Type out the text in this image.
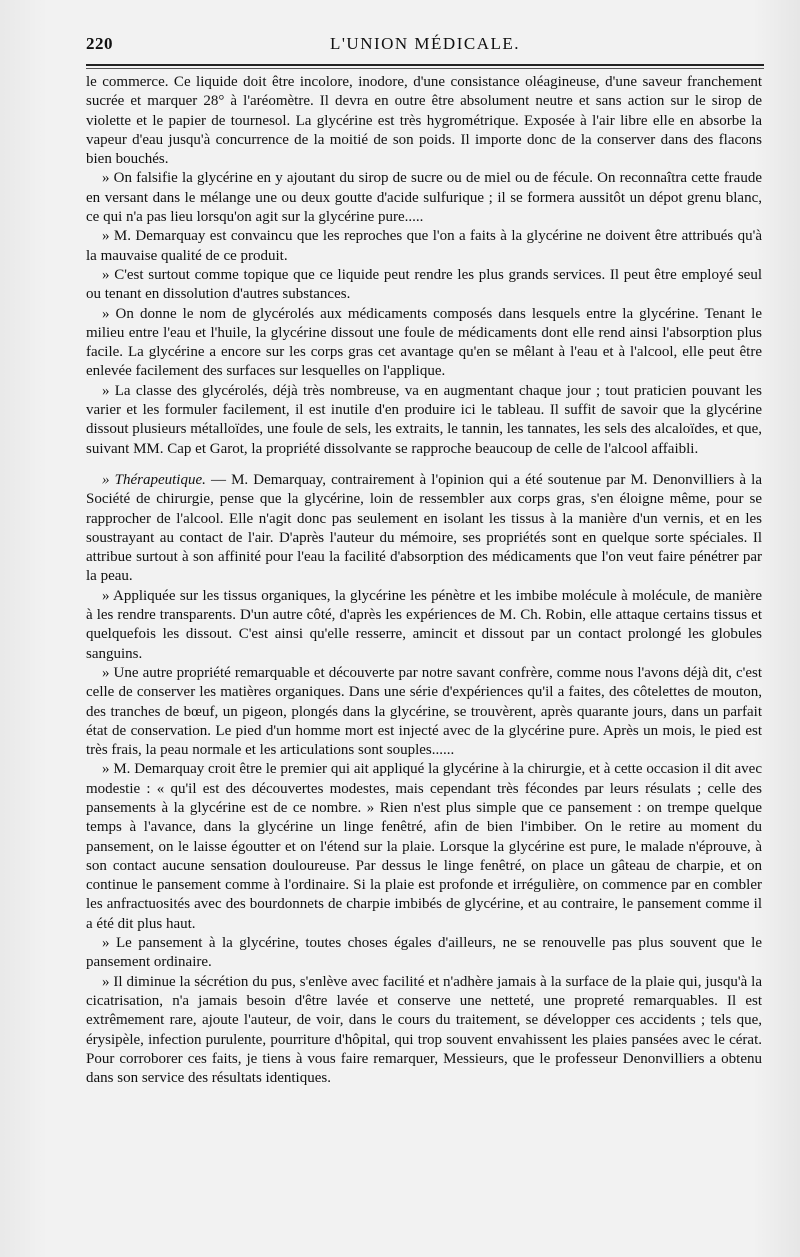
220	L'UNION MÉDICALE.

le commerce. Ce liquide doit être incolore, inodore, d'une consistance oléagineuse, d'une saveur franchement sucrée et marquer 28° à l'aréomètre. Il devra en outre être absolument neutre et sans action sur le sirop de violette et le papier de tournesol. La glycérine est très hygrométrique. Exposée à l'air libre elle en absorbe la vapeur d'eau jusqu'à concurrence de la moitié de son poids. Il importe donc de la conserver dans des flacons bien bouchés.

» On falsifie la glycérine en y ajoutant du sirop de sucre ou de miel ou de fécule. On reconnaîtra cette fraude en versant dans le mélange une ou deux goutte d'acide sulfurique ; il se formera aussitôt un dépot grenu blanc, ce qui n'a pas lieu lorsqu'on agit sur la glycérine pure.....

» M. Demarquay est convaincu que les reproches que l'on a faits à la glycérine ne doivent être attribués qu'à la mauvaise qualité de ce produit.

» C'est surtout comme topique que ce liquide peut rendre les plus grands services. Il peut être employé seul ou tenant en dissolution d'autres substances.

» On donne le nom de glycérolés aux médicaments composés dans lesquels entre la glycérine. Tenant le milieu entre l'eau et l'huile, la glycérine dissout une foule de médicaments dont elle rend ainsi l'absorption plus facile. La glycérine a encore sur les corps gras cet avantage qu'en se mêlant à l'eau et à l'alcool, elle peut être enlevée facilement des surfaces sur lesquelles on l'applique.

» La classe des glycérolés, déjà très nombreuse, va en augmentant chaque jour ; tout praticien pouvant les varier et les formuler facilement, il est inutile d'en produire ici le tableau. Il suffit de savoir que la glycérine dissout plusieurs métalloïdes, une foule de sels, les extraits, le tannin, les tannates, les sels des alcaloïdes, et que, suivant MM. Cap et Garot, la propriété dissolvante se rapproche beaucoup de celle de l'alcool affaibli.

» Thérapeutique. — M. Demarquay, contrairement à l'opinion qui a été soutenue par M. Denonvilliers à la Société de chirurgie, pense que la glycérine, loin de ressembler aux corps gras, s'en éloigne même, pour se rapprocher de l'alcool. Elle n'agit donc pas seulement en isolant les tissus à la manière d'un vernis, et en les soustrayant au contact de l'air. D'après l'auteur du mémoire, ses propriétés sont en quelque sorte spéciales. Il attribue surtout à son affinité pour l'eau la facilité d'absorption des médicaments que l'on veut faire pénétrer par la peau.

» Appliquée sur les tissus organiques, la glycérine les pénètre et les imbibe molécule à molécule, de manière à les rendre transparents. D'un autre côté, d'après les expériences de M. Ch. Robin, elle attaque certains tissus et quelquefois les dissout. C'est ainsi qu'elle resserre, amincit et dissout par un contact prolongé les globules sanguins.

» Une autre propriété remarquable et découverte par notre savant confrère, comme nous l'avons déjà dit, c'est celle de conserver les matières organiques. Dans une série d'expériences qu'il a faites, des côtelettes de mouton, des tranches de bœuf, un pigeon, plongés dans la glycérine, se trouvèrent, après quarante jours, dans un parfait état de conservation. Le pied d'un homme mort est injecté avec de la glycérine pure. Après un mois, le pied est très frais, la peau normale et les articulations sont souples......

» M. Demarquay croit être le premier qui ait appliqué la glycérine à la chirurgie, et à cette occasion il dit avec modestie : « qu'il est des découvertes modestes, mais cependant très fécondes par leurs résulats ; celle des pansements à la glycérine est de ce nombre. » Rien n'est plus simple que ce pansement : on trempe quelque temps à l'avance, dans la glycérine un linge fenêtré, afin de bien l'imbiber. On le retire au moment du pansement, on le laisse égoutter et on l'étend sur la plaie. Lorsque la glycérine est pure, le malade n'éprouve, à son contact aucune sensation douloureuse. Par dessus le linge fenêtré, on place un gâteau de charpie, et on continue le pansement comme à l'ordinaire. Si la plaie est profonde et irrégulière, on commence par en combler les anfractuosités avec des bourdonnets de charpie imbibés de glycérine, et au contraire, le pansement comme il a été dit plus haut.

» Le pansement à la glycérine, toutes choses égales d'ailleurs, ne se renouvelle pas plus souvent que le pansement ordinaire.

» Il diminue la sécrétion du pus, s'enlève avec facilité et n'adhère jamais à la surface de la plaie qui, jusqu'à la cicatrisation, n'a jamais besoin d'être lavée et conserve une netteté, une propreté remarquables. Il est extrêmement rare, ajoute l'auteur, de voir, dans le cours du traitement, se développer ces accidents ; tels que, érysipèle, infection purulente, pourriture d'hôpital, qui trop souvent envahissent les plaies pansées avec le cérat. Pour corroborer ces faits, je tiens à vous faire remarquer, Messieurs, que le professeur Denonvilliers a obtenu dans son service des résultats identiques.
